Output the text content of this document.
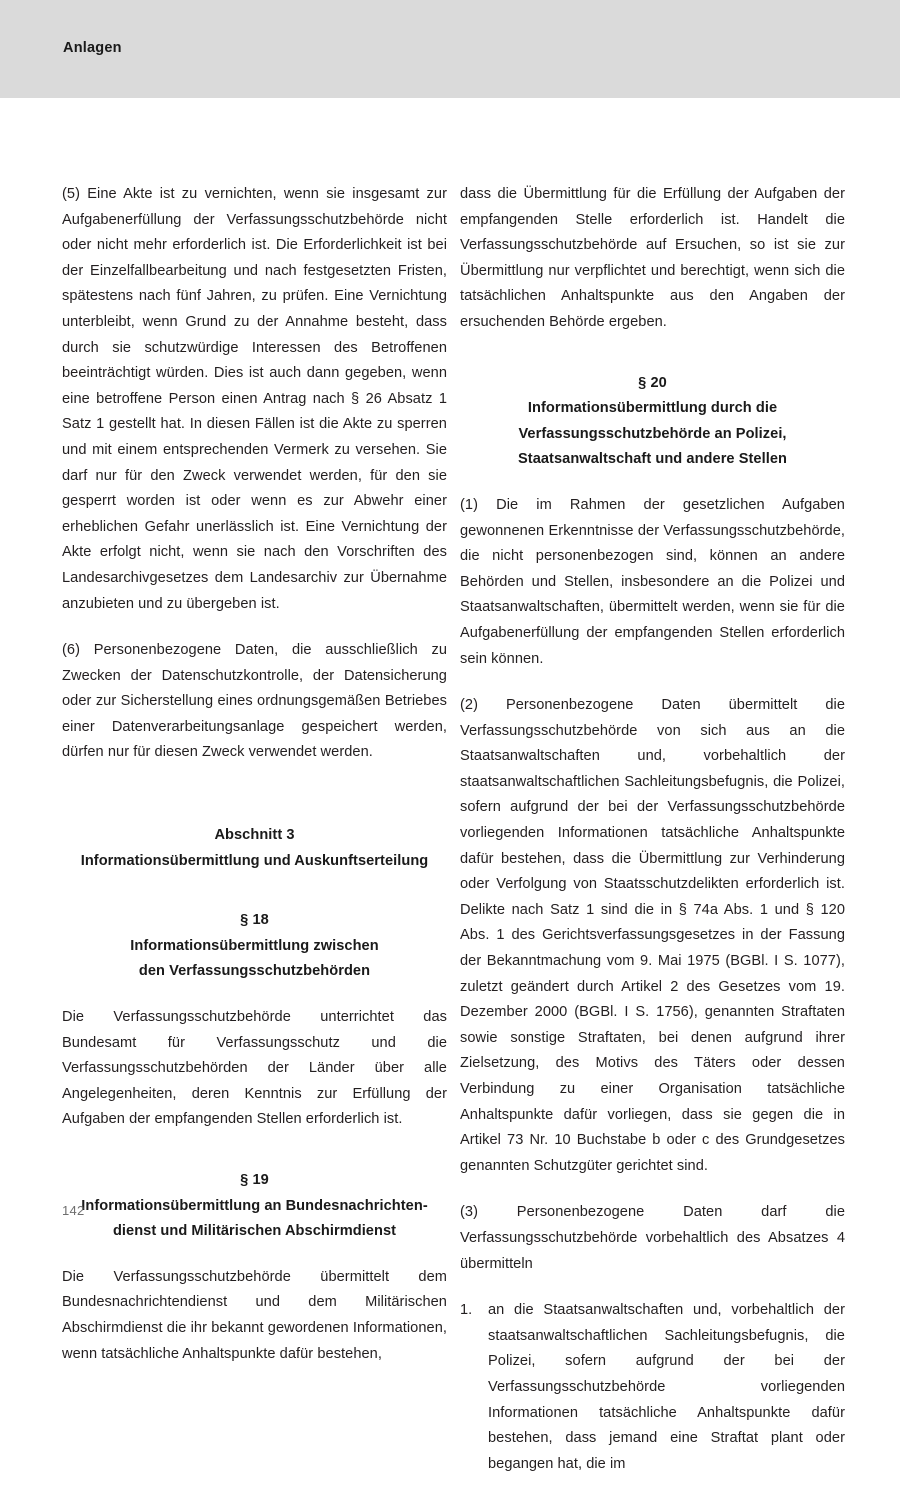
Anlagen

(5) Eine Akte ist zu vernichten, wenn sie insgesamt zur Aufgabenerfüllung der Verfassungsschutzbehörde nicht oder nicht mehr erforderlich ist. Die Erforderlichkeit ist bei der Einzelfallbearbeitung und nach festgesetzten Fristen, spätestens nach fünf Jahren, zu prüfen. Eine Vernichtung unterbleibt, wenn Grund zu der Annahme besteht, dass durch sie schutzwürdige Interessen des Betroffenen beeinträchtigt würden. Dies ist auch dann gegeben, wenn eine betroffene Person einen Antrag nach § 26 Absatz 1 Satz 1 gestellt hat. In diesen Fällen ist die Akte zu sperren und mit einem entsprechenden Vermerk zu versehen. Sie darf nur für den Zweck verwendet werden, für den sie gesperrt worden ist oder wenn es zur Abwehr einer erheblichen Gefahr unerlässlich ist. Eine Vernichtung der Akte erfolgt nicht, wenn sie nach den Vorschriften des Landesarchivgesetzes dem Landesarchiv zur Übernahme anzubieten und zu übergeben ist.

(6) Personenbezogene Daten, die ausschließlich zu Zwecken der Datenschutzkontrolle, der Datensicherung oder zur Sicherstellung eines ordnungsgemäßen Betriebes einer Datenverarbeitungsanlage gespeichert werden, dürfen nur für diesen Zweck verwendet werden.

Abschnitt 3
Informationsübermittlung und Auskunftserteilung
§ 18
Informationsübermittlung zwischen
den Verfassungsschutzbehörden

Die Verfassungsschutzbehörde unterrichtet das Bundesamt für Verfassungsschutz und die Verfassungsschutzbehörden der Länder über alle Angelegenheiten, deren Kenntnis zur Erfüllung der Aufgaben der empfangenden Stellen erforderlich ist.

§ 19
Informationsübermittlung an Bundesnachrichten-
dienst und Militärischen Abschirmdienst

Die Verfassungsschutzbehörde übermittelt dem Bundesnachrichtendienst und dem Militärischen Abschirmdienst die ihr bekannt gewordenen Informationen, wenn tatsächliche Anhaltspunkte dafür bestehen,

dass die Übermittlung für die Erfüllung der Aufgaben der empfangenden Stelle erforderlich ist. Handelt die Verfassungsschutzbehörde auf Ersuchen, so ist sie zur Übermittlung nur verpflichtet und berechtigt, wenn sich die tatsächlichen Anhaltspunkte aus den Angaben der ersuchenden Behörde ergeben.

§ 20
Informationsübermittlung durch die
Verfassungsschutzbehörde an Polizei,
Staatsanwaltschaft und andere Stellen

(1) Die im Rahmen der gesetzlichen Aufgaben gewonnenen Erkenntnisse der Verfassungsschutzbehörde, die nicht personenbezogen sind, können an andere Behörden und Stellen, insbesondere an die Polizei und Staatsanwaltschaften, übermittelt werden, wenn sie für die Aufgabenerfüllung der empfangenden Stellen erforderlich sein können.

(2) Personenbezogene Daten übermittelt die Verfassungsschutzbehörde von sich aus an die Staatsanwaltschaften und, vorbehaltlich der staatsanwaltschaftlichen Sachleitungsbefugnis, die Polizei, sofern aufgrund der bei der Verfassungsschutzbehörde vorliegenden Informationen tatsächliche Anhaltspunkte dafür bestehen, dass die Übermittlung zur Verhinderung oder Verfolgung von Staatsschutzdelikten erforderlich ist. Delikte nach Satz 1 sind die in § 74a Abs. 1 und § 120 Abs. 1 des Gerichtsverfassungsgesetzes in der Fassung der Bekanntmachung vom 9. Mai 1975 (BGBl. I S. 1077), zuletzt geändert durch Artikel 2 des Gesetzes vom 19. Dezember 2000 (BGBl. I S. 1756), genannten Straftaten sowie sonstige Straftaten, bei denen aufgrund ihrer Zielsetzung, des Motivs des Täters oder dessen Verbindung zu einer Organisation tatsächliche Anhaltspunkte dafür vorliegen, dass sie gegen die in Artikel 73 Nr. 10 Buchstabe b oder c des Grundgesetzes genannten Schutzgüter gerichtet sind.

(3) Personenbezogene Daten darf die Verfassungsschutzbehörde vorbehaltlich des Absatzes 4 übermitteln

1. an die Staatsanwaltschaften und, vorbehaltlich der staatsanwaltschaftlichen Sachleitungsbefugnis, die Polizei, sofern aufgrund der bei der Verfassungsschutzbehörde vorliegenden Informationen tatsächliche Anhaltspunkte dafür bestehen, dass jemand eine Straftat plant oder begangen hat, die im
142
